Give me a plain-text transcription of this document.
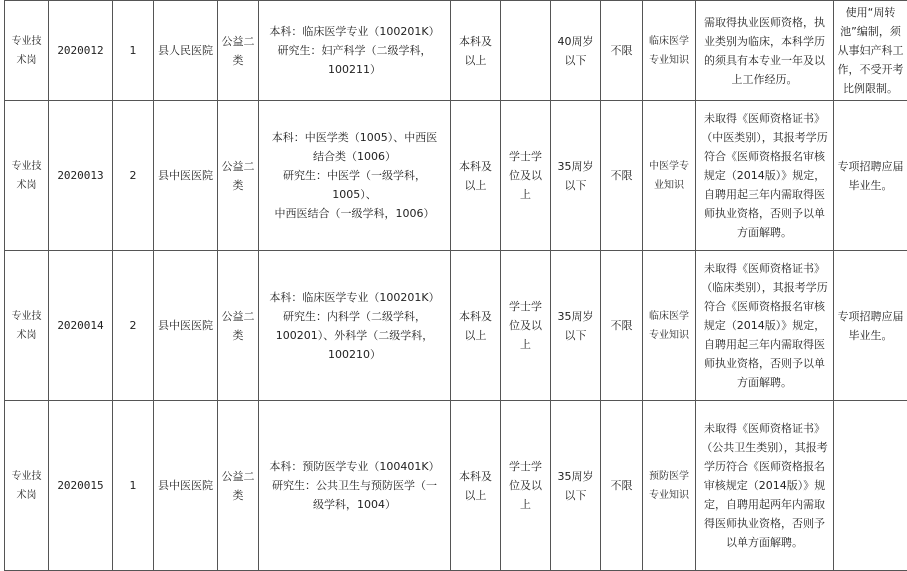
专业技术岗	2020012	1	县人民医院	公益二类	本科：临床医学专业（100201K）
研究生：妇产科学（二级学科，
100211）	本科及以上		40周岁以下	不限	临床医学专业知识	需取得执业医师资格，执业类别为临床，本科学历的须具有本专业一年及以上工作经历。	使用“周转池”编制，须从事妇产科工作，不受开考比例限制。
专业技术岗	2020013	2	县中医医院	公益二类	本科：中医学类（1005）、中西医
结合类（1006）
研究生：中医学（一级学科，1005）、
中西医结合（一级学科，1006）	本科及以上	学士学位及以上	35周岁以下	不限	中医学专业知识	未取得《医师资格证书》（中医类别），其报考学历符合《医师资格报名审核规定（2014版）》规定，自聘用起三年内需取得医师执业资格，否则予以单方面解聘。	专项招聘应届毕业生。
专业技术岗	2020014	2	县中医医院	公益二类	本科：临床医学专业（100201K）
研究生：内科学（二级学科，
100201）、外科学（二级学科，
100210）	本科及以上	学士学位及以上	35周岁以下	不限	临床医学专业知识	未取得《医师资格证书》（临床类别），其报考学历符合《医师资格报名审核规定（2014版）》规定，自聘用起三年内需取得医师执业资格，否则予以单方面解聘。	专项招聘应届毕业生。
专业技术岗	2020015	1	县中医医院	公益二类	本科：预防医学专业（100401K）
研究生：公共卫生与预防医学（一
级学科，1004）	本科及以上	学士学位及以上	35周岁以下	不限	预防医学专业知识	未取得《医师资格证书》（公共卫生类别），其报考学历符合《医师资格报名审核规定（2014版）》规定，自聘用起两年内需取得医师执业资格，否则予以单方面解聘。	
